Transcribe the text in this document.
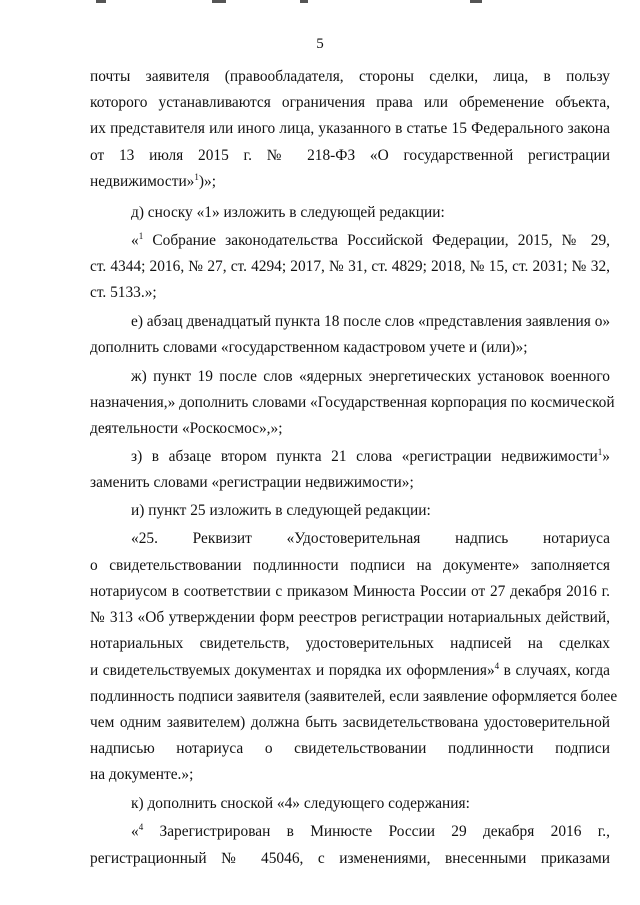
5
почты заявителя (правообладателя, стороны сделки, лица, в пользу
которого устанавливаются ограничения права или обременение объекта,
их представителя или иного лица, указанного в статье 15 Федерального закона
от 13 июля 2015 г. № 218-ФЗ «О государственной регистрации
недвижимости»$^1$)»;
д) сноску «1» изложить в следующей редакции:
«$^1$ Собрание законодательства Российской Федерации, 2015, № 29,
ст. 4344; 2016, № 27, ст. 4294; 2017, № 31, ст. 4829; 2018, № 15, ст. 2031; № 32,
ст. 5133.»;
е) абзац двенадцатый пункта 18 после слов «представления заявления о»
дополнить словами «государственном кадастровом учете и (или)»;
ж) пункт 19 после слов «ядерных энергетических установок военного
назначения,» дополнить словами «Государственная корпорация по космической
деятельности «Роскосмос»,»;
з) в абзаце втором пункта 21 слова «регистрации недвижимости$^1$»
заменить словами «регистрации недвижимости»;
и) пункт 25 изложить в следующей редакции:
«25. Реквизит «Удостоверительная надпись нотариуса
о свидетельствовании подлинности подписи на документе» заполняется
нотариусом в соответствии с приказом Минюста России от 27 декабря 2016 г.
№ 313 «Об утверждении форм реестров регистрации нотариальных действий,
нотариальных свидетельств, удостоверительных надписей на сделках
и свидетельствуемых документах и порядка их оформления»$^4$ в случаях, когда
подлинность подписи заявителя (заявителей, если заявление оформляется более
чем одним заявителем) должна быть засвидетельствована удостоверительной
надписью нотариуса о свидетельствовании подлинности подписи
на документе.»;
к) дополнить сноской «4» следующего содержания:
«$^4$ Зарегистрирован в Минюсте России 29 декабря 2016 г.,
регистрационный № 45046, с изменениями, внесенными приказами
